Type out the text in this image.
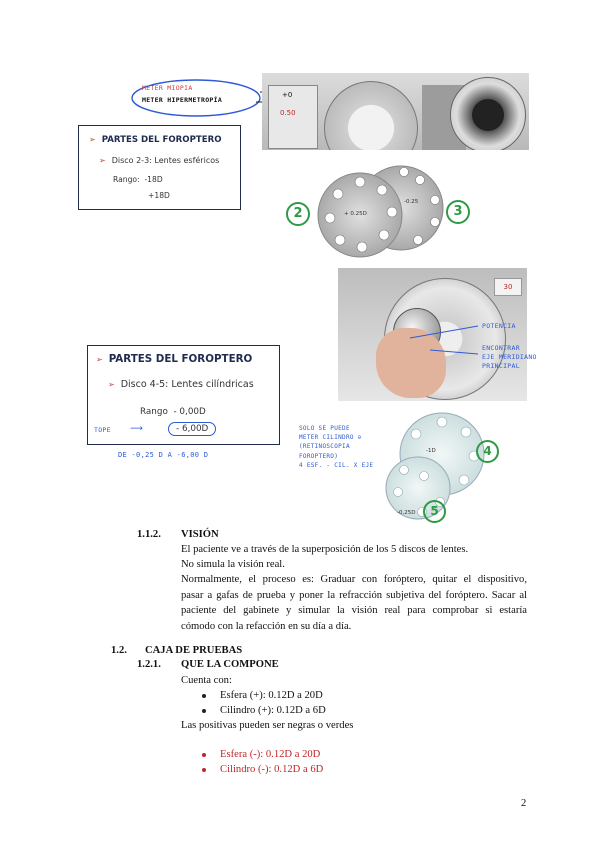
METER MIOPIA
METER HIPERMETROPÍA
+0
0.50
➢ PARTES DEL FOROPTERO
➢ Disco 2-3: Lentes esféricos
Rango: -18D
+18D
+ 0.25D
-0.25
2	3
30
POTENCIA
ENCONTRAR
EJE MERIDIANO
PRINCIPAL
➢ PARTES DEL FOROPTERO
➢ Disco 4-5: Lentes cilíndricas
Rango - 0,00D
TOPE ⟶	- 6,00D
DE -0,25 D A -6,00 D
SOLO SE PUEDE
METER CILINDRO ⊖
(RETINOSCOPIA
FOROPTERO)
4 ESF. - CIL. X EJE
-1D
-0,25D
4
5
1.1.2. VISIÓN
El paciente ve a través de la superposición de los 5 discos de lentes.
No simula la visión real.
Normalmente, el proceso es: Graduar con foróptero, quitar el dispositivo,
pasar a gafas de prueba y poner la refracción subjetiva del foróptero. Sacar al
paciente del gabinete y simular la visión real para comprobar si estaría
cómodo con la refacción en su día a día.
1.2. CAJA DE PRUEBAS
1.2.1. QUE LA COMPONE
Cuenta con:
Esfera (+): 0.12D a 20D
Cilindro (+): 0.12D a 6D
Las positivas pueden ser negras o verdes
Esfera (-): 0.12D a 20D
Cilindro (-): 0.12D a 6D
2
